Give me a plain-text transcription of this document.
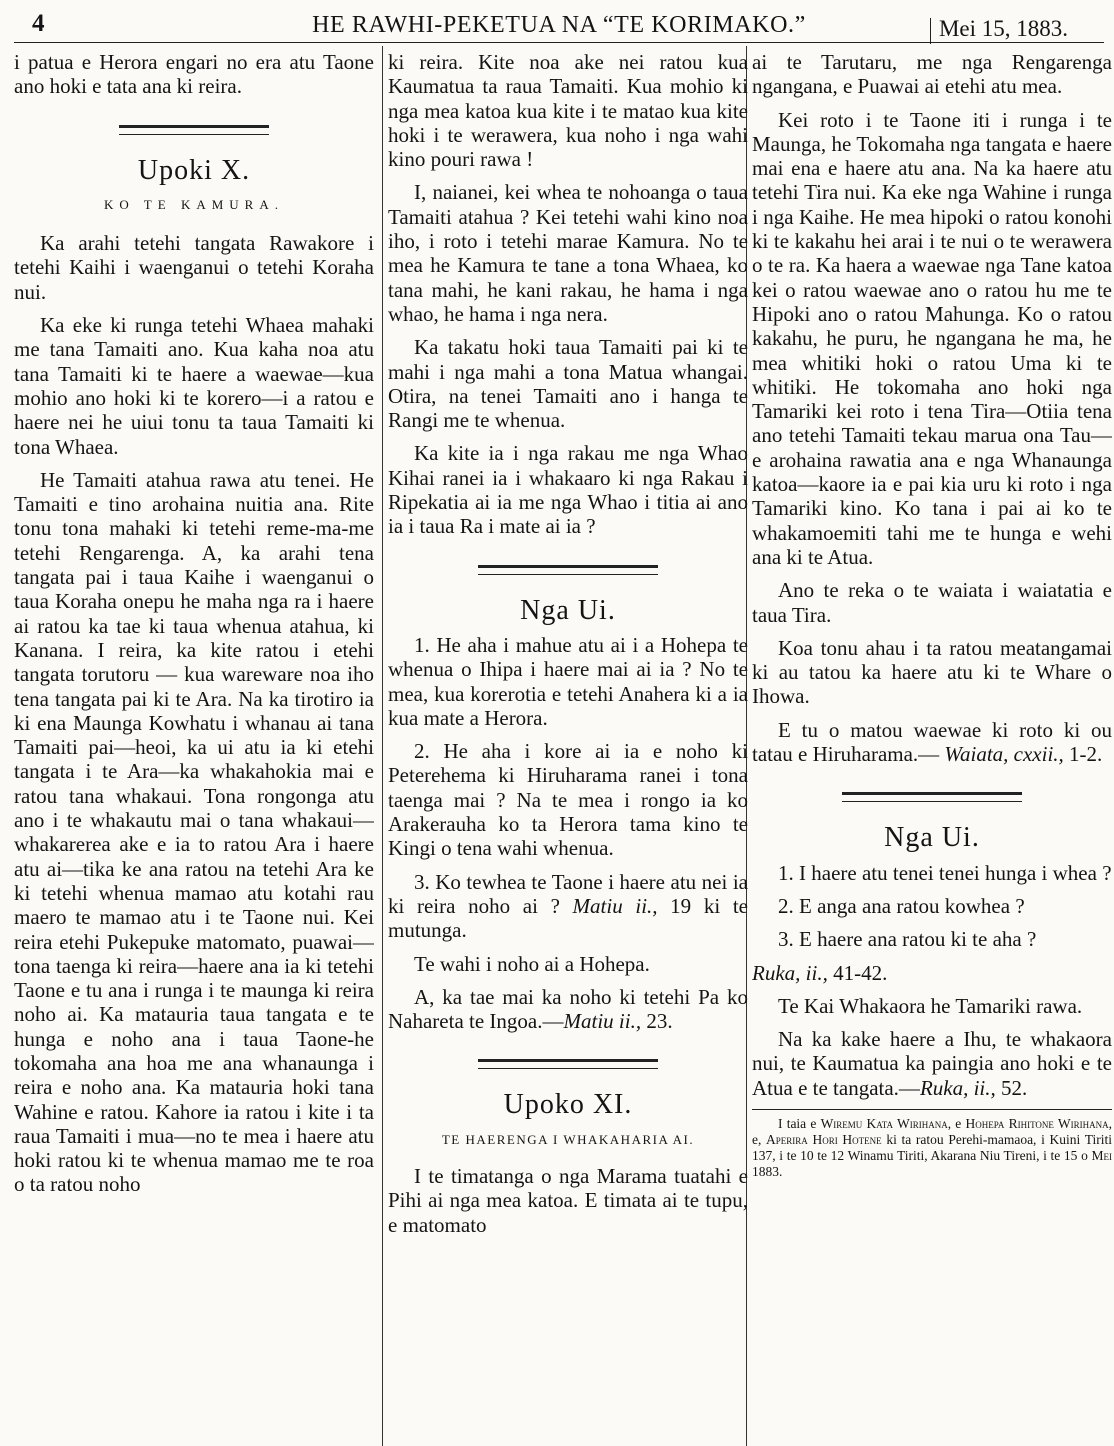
4	HE RAWHI-PEKETUA NA “TE KORIMAKO.”	Mei 15, 1883.

i patua e Herora engari no era atu Taone ano hoki e tata ana ki reira.

Upoki X.
KO TE KAMURA.

Ka arahi tetehi tangata Rawakore i tetehi Kaihi i waenganui o tetehi Koraha nui.

Ka eke ki runga tetehi Whaea mahaki me tana Tamaiti ano. Kua kaha noa atu tana Tamaiti ki te haere a waewae—kua mohio ano hoki ki te korero—i a ratou e haere nei he uiui tonu ta taua Tamaiti ki tona Whaea.

He Tamaiti atahua rawa atu tenei. He Tamaiti e tino arohaina nuitia ana. Rite tonu tona mahaki ki tetehi reme-ma-me tetehi Rengarenga. A, ka arahi tena tangata pai i taua Kaihe i waenganui o taua Koraha onepu he maha nga ra i haere ai ratou ka tae ki taua whenua atahua, ki Kanana. I reira, ka kite ratou i etehi tangata torutoru — kua wareware noa iho tena tangata pai ki te Ara. Na ka tirotiro ia ki ena Maunga Kowhatu i whanau ai tana Tamaiti pai—heoi, ka ui atu ia ki etehi tangata i te Ara—ka whakahokia mai e ratou tana whakaui. Tona rongonga atu ano i te whakautu mai o tana whakaui—whakarerea ake e ia to ratou Ara i haere atu ai—tika ke ana ratou na tetehi Ara ke ki tetehi whenua mamao atu kotahi rau maero te mamao atu i te Taone nui. Kei reira etehi Pukepuke matomato, puawai—tona taenga ki reira—haere ana ia ki tetehi Taone e tu ana i runga i te maunga ki reira noho ai. Ka matauria taua tangata e te hunga e noho ana i taua Taone-he tokomaha ana hoa me ana whanaunga i reira e noho ana. Ka matauria hoki tana Wahine e ratou. Kahore ia ratou i kite i ta raua Tamaiti i mua—no te mea i haere atu hoki ratou ki te whenua mamao me te roa o ta ratou noho

ki reira. Kite noa ake nei ratou kua Kaumatua ta raua Tamaiti. Kua mohio ki nga mea katoa kua kite i te matao kua kite hoki i te werawera, kua noho i nga wahi kino pouri rawa !

I, naianei, kei whea te nohoanga o taua Tamaiti atahua ? Kei tetehi wahi kino noa iho, i roto i tetehi marae Kamura. No te mea he Kamura te tane a tona Whaea, ko tana mahi, he kani rakau, he hama i nga whao, he hama i nga nera.

Ka takatu hoki taua Tamaiti pai ki te mahi i nga mahi a tona Matua whangai. Otira, na tenei Tamaiti ano i hanga te Rangi me te whenua.

Ka kite ia i nga rakau me nga Whao Kihai ranei ia i whakaaro ki nga Rakau i Ripekatia ai ia me nga Whao i titia ai ano ia i taua Ra i mate ai ia ?

Nga Ui.

1. He aha i mahue atu ai i a Hohepa te whenua o Ihipa i haere mai ai ia ? No te mea, kua korerotia e tetehi Anahera ki a ia kua mate a Herora.

2. He aha i kore ai ia e noho ki Peterehema ki Hiruharama ranei i tona taenga mai ? Na te mea i rongo ia ko Arakerauha ko ta Herora tama kino te Kingi o tena wahi whenua.

3. Ko tewhea te Taone i haere atu nei ia ki reira noho ai ? Matiu ii., 19 ki te mutunga.

Te wahi i noho ai a Hohepa.

A, ka tae mai ka noho ki tetehi Pa ko Nahareta te Ingoa.—Matiu ii., 23.

Upoko XI.
TE HAERENGA I WHAKAHARIA AI.

I te timatanga o nga Marama tuatahi e Pihi ai nga mea katoa. E timata ai te tupu, e matomato

ai te Tarutaru, me nga Rengarenga ngangana, e Puawai ai etehi atu mea.

Kei roto i te Taone iti i runga i te Maunga, he Tokomaha nga tangata e haere mai ena e haere atu ana. Na ka haere atu tetehi Tira nui. Ka eke nga Wahine i runga i nga Kaihe. He mea hipoki o ratou konohi ki te kakahu hei arai i te nui o te werawera o te ra. Ka haera a waewae nga Tane katoa kei o ratou waewae ano o ratou hu me te Hipoki ano o ratou Mahunga. Ko o ratou kakahu, he puru, he ngangana he ma, he mea whitiki hoki o ratou Uma ki te whitiki. He tokomaha ano hoki nga Tamariki kei roto i tena Tira—Otiia tena ano tetehi Tamaiti tekau marua ona Tau—e arohaina rawatia ana e nga Whanaunga katoa—kaore ia e pai kia uru ki roto i nga Tamariki kino. Ko tana i pai ai ko te whakamoemiti tahi me te hunga e wehi ana ki te Atua.

Ano te reka o te waiata i waiatatia e taua Tira.

Koa tonu ahau i ta ratou meatangamai ki au tatou ka haere atu ki te Whare o Ihowa.

E tu o matou waewae ki roto ki ou tatau e Hiruharama.— Waiata, cxxii., 1-2.

Nga Ui.

1. I haere atu tenei tenei hunga i whea ?

2. E anga ana ratou kowhea ?

3. E haere ana ratou ki te aha ?

Ruka, ii., 41-42.

Te Kai Whakaora he Tamariki rawa.

Na ka kake haere a Ihu, te whakaora nui, te Kaumatua ka paingia ano hoki e te Atua e te tangata.—Ruka, ii., 52.

I taia e Wiremu Kata Wirihana, e Hohepa Rihitone Wirihana, e, Aperira Hori Hotene ki ta ratou Perehi-mamaoa, i Kuini Tiriti 137, i te 10 te 12 Winamu Tiriti, Akarana Niu Tireni, i te 15 o Mei 1883.
